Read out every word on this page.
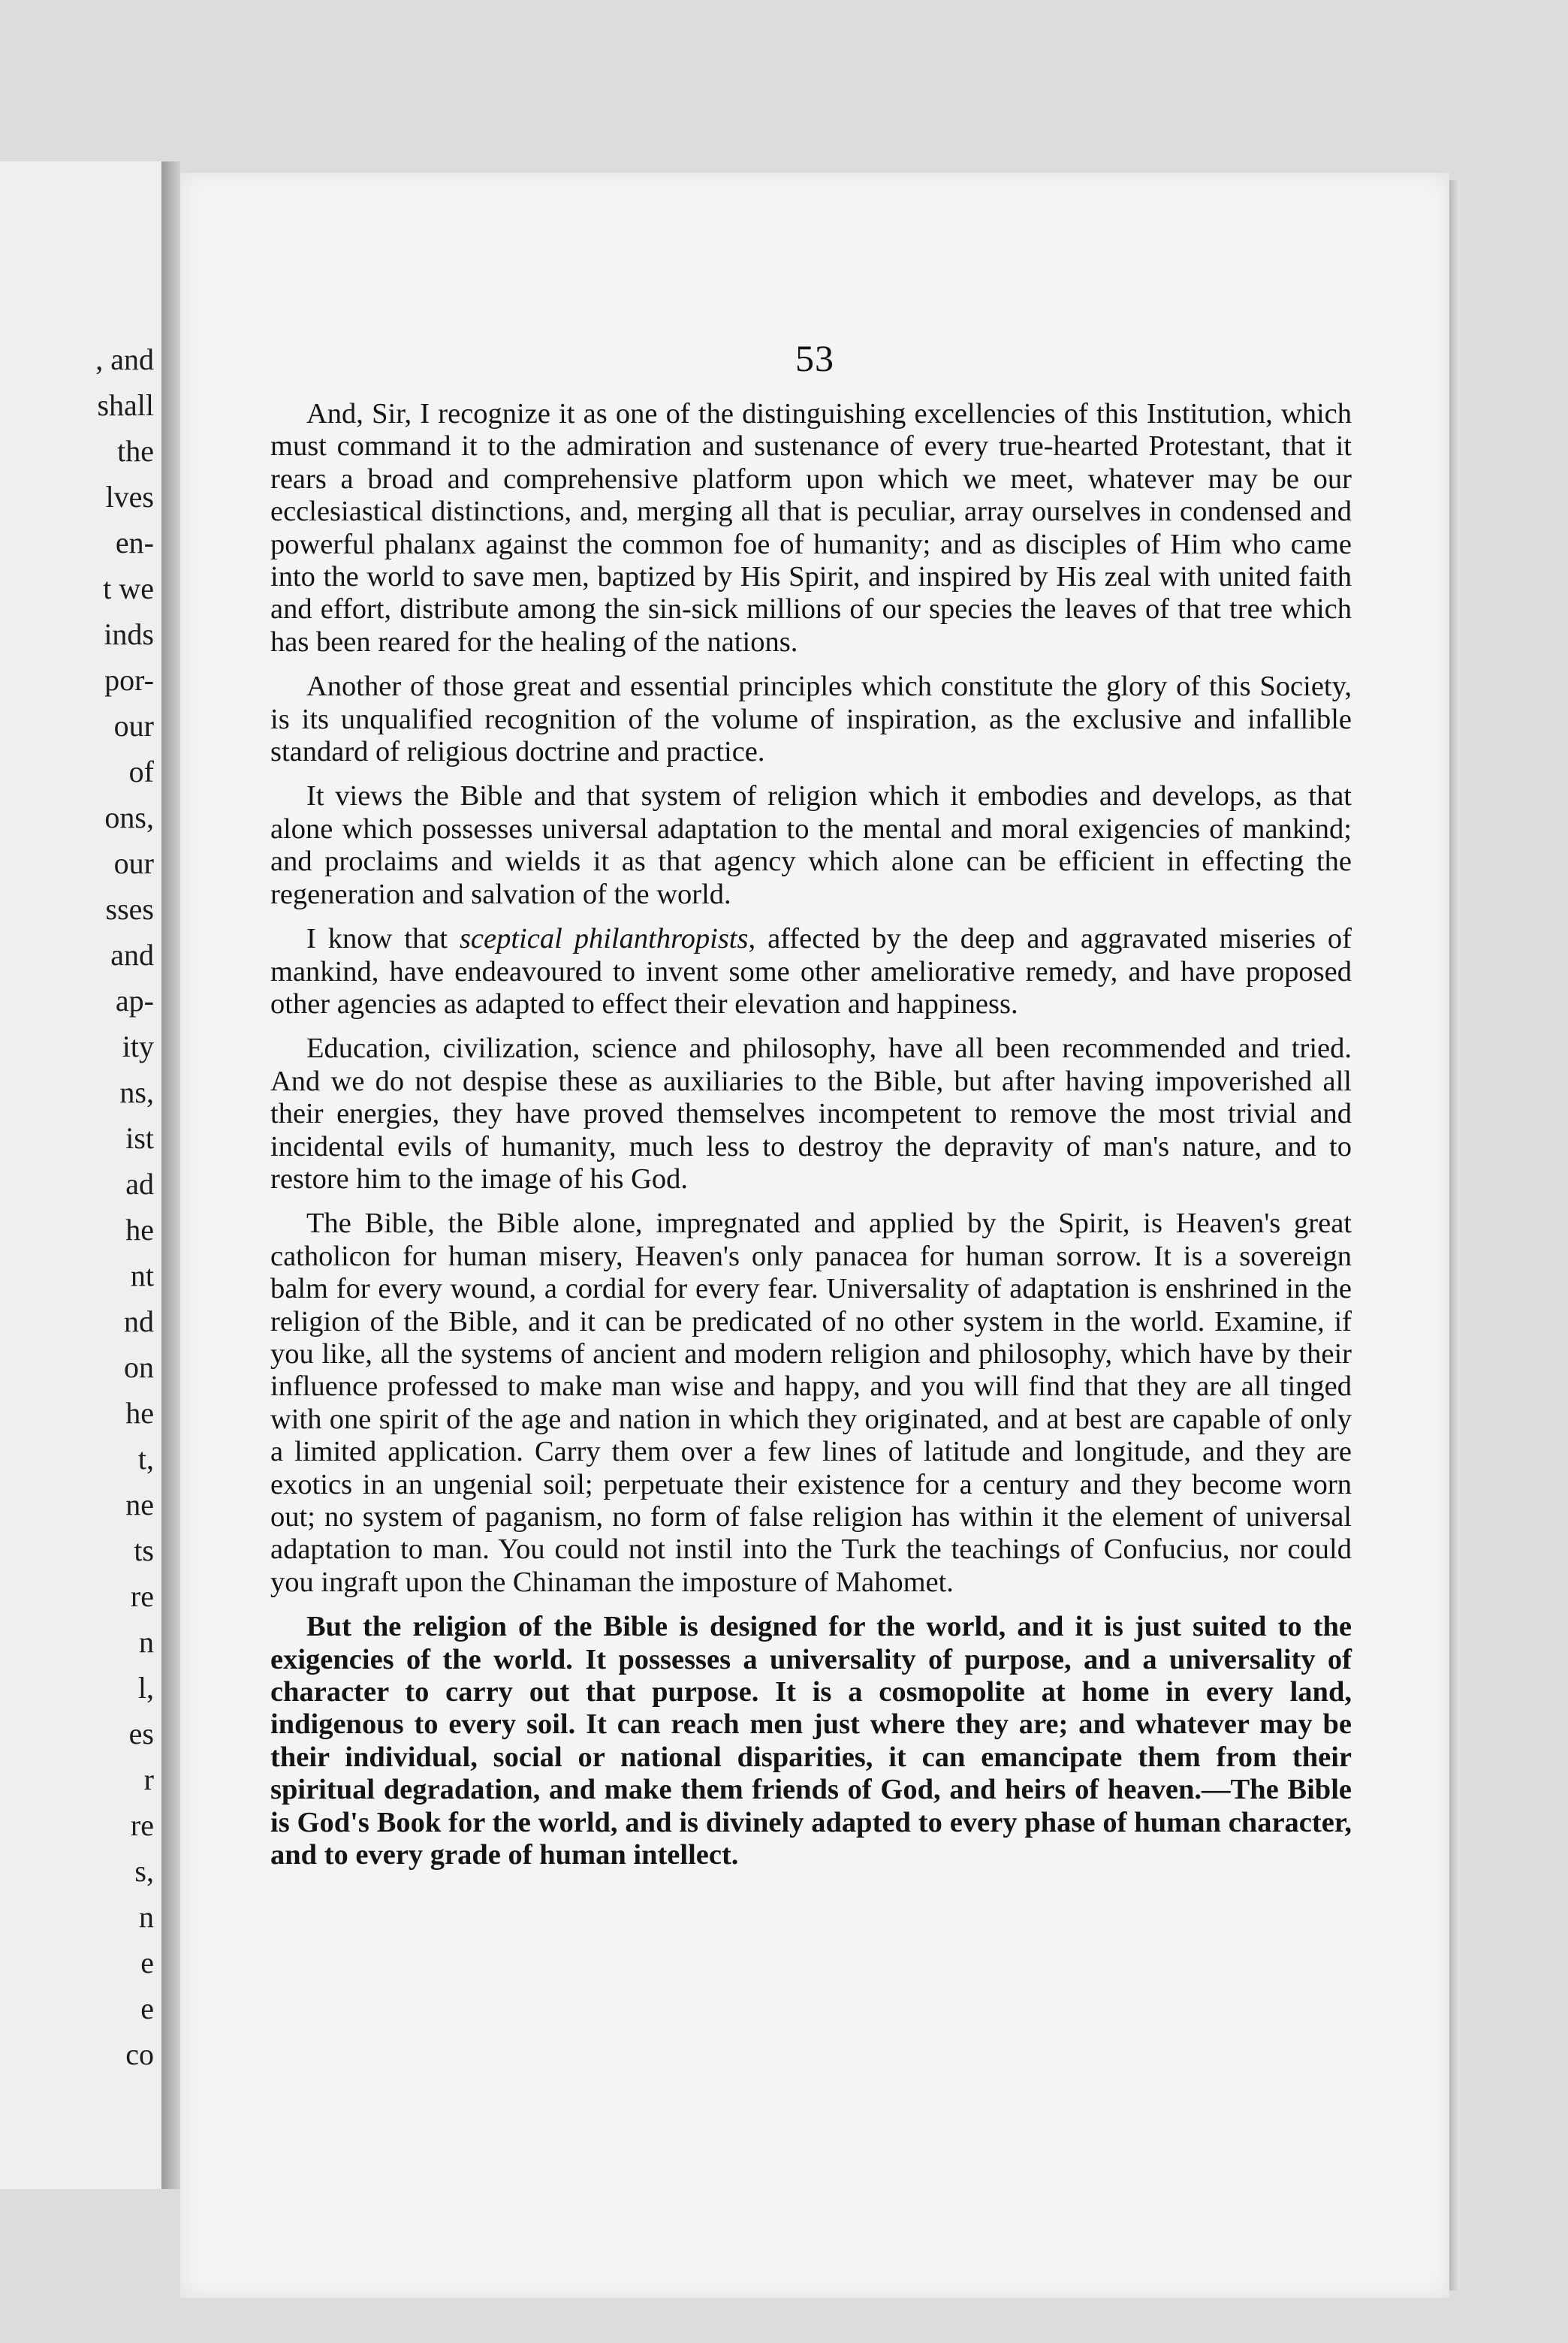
, and
shall
the
lves
en-
t we
inds
por-
our
of
ons,
our
sses
and
ap-
ity
ns,
ist
ad
he
nt
nd
on
he
t,
ne
ts
re
n
l,
es
r
re
s,
n
e
e
co
53

And, Sir, I recognize it as one of the distinguishing excellencies of this Institution, which must command it to the admiration and sustenance of every true-hearted Protestant, that it rears a broad and comprehensive platform upon which we meet, whatever may be our ecclesiastical distinctions, and, merging all that is peculiar, array ourselves in condensed and powerful phalanx against the common foe of humanity; and as disciples of Him who came into the world to save men, baptized by His Spirit, and inspired by His zeal with united faith and effort, distribute among the sin-sick millions of our species the leaves of that tree which has been reared for the healing of the nations.

Another of those great and essential principles which constitute the glory of this Society, is its unqualified recognition of the volume of inspiration, as the exclusive and infallible standard of religious doctrine and practice.

It views the Bible and that system of religion which it embodies and develops, as that alone which possesses universal adaptation to the mental and moral exigencies of mankind; and proclaims and wields it as that agency which alone can be efficient in effecting the regeneration and salvation of the world.

I know that sceptical philanthropists, affected by the deep and aggravated miseries of mankind, have endeavoured to invent some other ameliorative remedy, and have proposed other agencies as adapted to effect their elevation and happiness.

Education, civilization, science and philosophy, have all been recommended and tried. And we do not despise these as auxiliaries to the Bible, but after having impoverished all their energies, they have proved themselves incompetent to remove the most trivial and incidental evils of humanity, much less to destroy the depravity of man's nature, and to restore him to the image of his God.

The Bible, the Bible alone, impregnated and applied by the Spirit, is Heaven's great catholicon for human misery, Heaven's only panacea for human sorrow. It is a sovereign balm for every wound, a cordial for every fear. Universality of adaptation is enshrined in the religion of the Bible, and it can be predicated of no other system in the world. Examine, if you like, all the systems of ancient and modern religion and philosophy, which have by their influence professed to make man wise and happy, and you will find that they are all tinged with one spirit of the age and nation in which they originated, and at best are capable of only a limited application. Carry them over a few lines of latitude and longitude, and they are exotics in an ungenial soil; perpetuate their existence for a century and they become worn out; no system of paganism, no form of false religion has within it the element of universal adaptation to man. You could not instil into the Turk the teachings of Confucius, nor could you ingraft upon the Chinaman the imposture of Mahomet.

But the religion of the Bible is designed for the world, and it is just suited to the exigencies of the world. It possesses a universality of purpose, and a universality of character to carry out that purpose. It is a cosmopolite at home in every land, indigenous to every soil. It can reach men just where they are; and whatever may be their individual, social or national disparities, it can emancipate them from their spiritual degradation, and make them friends of God, and heirs of heaven.—The Bible is God's Book for the world, and is divinely adapted to every phase of human character, and to every grade of human intellect.
